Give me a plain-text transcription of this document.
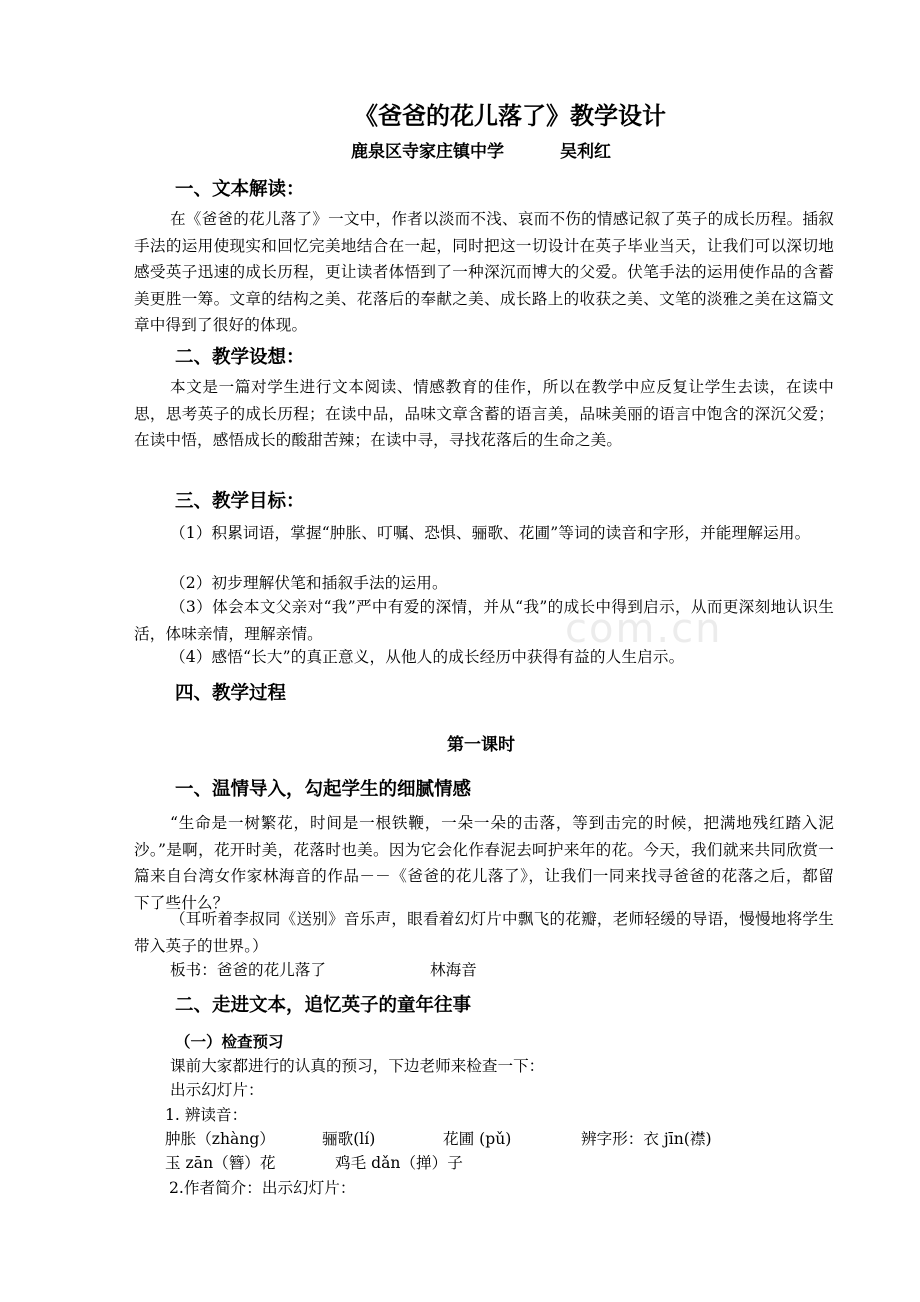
com.cn
《爸爸的花儿落了》教学设计
鹿泉区寺家庄镇中学	吴利红
一、文本解读：
在《爸爸的花儿落了》一文中，作者以淡而不浅、哀而不伤的情感记叙了英子的成长历程。插叙手法的运用使现实和回忆完美地结合在一起，同时把这一切设计在英子毕业当天，让我们可以深切地感受英子迅速的成长历程，更让读者体悟到了一种深沉而博大的父爱。伏笔手法的运用使作品的含蓄美更胜一筹。文章的结构之美、花落后的奉献之美、成长路上的收获之美、文笔的淡雅之美在这篇文章中得到了很好的体现。
二、教学设想：
本文是一篇对学生进行文本阅读、情感教育的佳作，所以在教学中应反复让学生去读，在读中思，思考英子的成长历程；在读中品，品味文章含蓄的语言美，品味美丽的语言中饱含的深沉父爱；在读中悟，感悟成长的酸甜苦辣；在读中寻，寻找花落后的生命之美。
三、教学目标：
（1）积累词语，掌握“肿胀、叮嘱、恐惧、骊歌、花圃”等词的读音和字形，并能理解运用。
（2）初步理解伏笔和插叙手法的运用。
（3）体会本文父亲对“我”严中有爱的深情，并从“我”的成长中得到启示，从而更深刻地认识生活，体味亲情，理解亲情。
（4）感悟“长大”的真正意义，从他人的成长经历中获得有益的人生启示。
四、教学过程
第一课时
一、温情导入，勾起学生的细腻情感
“生命是一树繁花，时间是一根铁鞭，一朵一朵的击落，等到击完的时候，把满地残红踏入泥沙。”是啊，花开时美，花落时也美。因为它会化作春泥去呵护来年的花。今天，我们就来共同欣赏一篇来自台湾女作家林海音的作品－－《爸爸的花儿落了》，让我们一同来找寻爸爸的花落之后，都留下了些什么？
（耳听着李叔同《送别》音乐声，眼看着幻灯片中飘飞的花瓣，老师轻缓的导语，慢慢地将学生带入英子的世界。）
板书：爸爸的花儿落了	林海音
二、走进文本，追忆英子的童年往事
（一）检查预习
课前大家都进行的认真的预习，下边老师来检查一下：
出示幻灯片：
1. 辨读音：
肿胀（zhàng）	骊歌(lí)	花圃 (pǔ)	辨字形：衣 jīn(襟)
玉 zān（簪）花	鸡毛 dǎn（掸）子
2.作者简介：出示幻灯片：
